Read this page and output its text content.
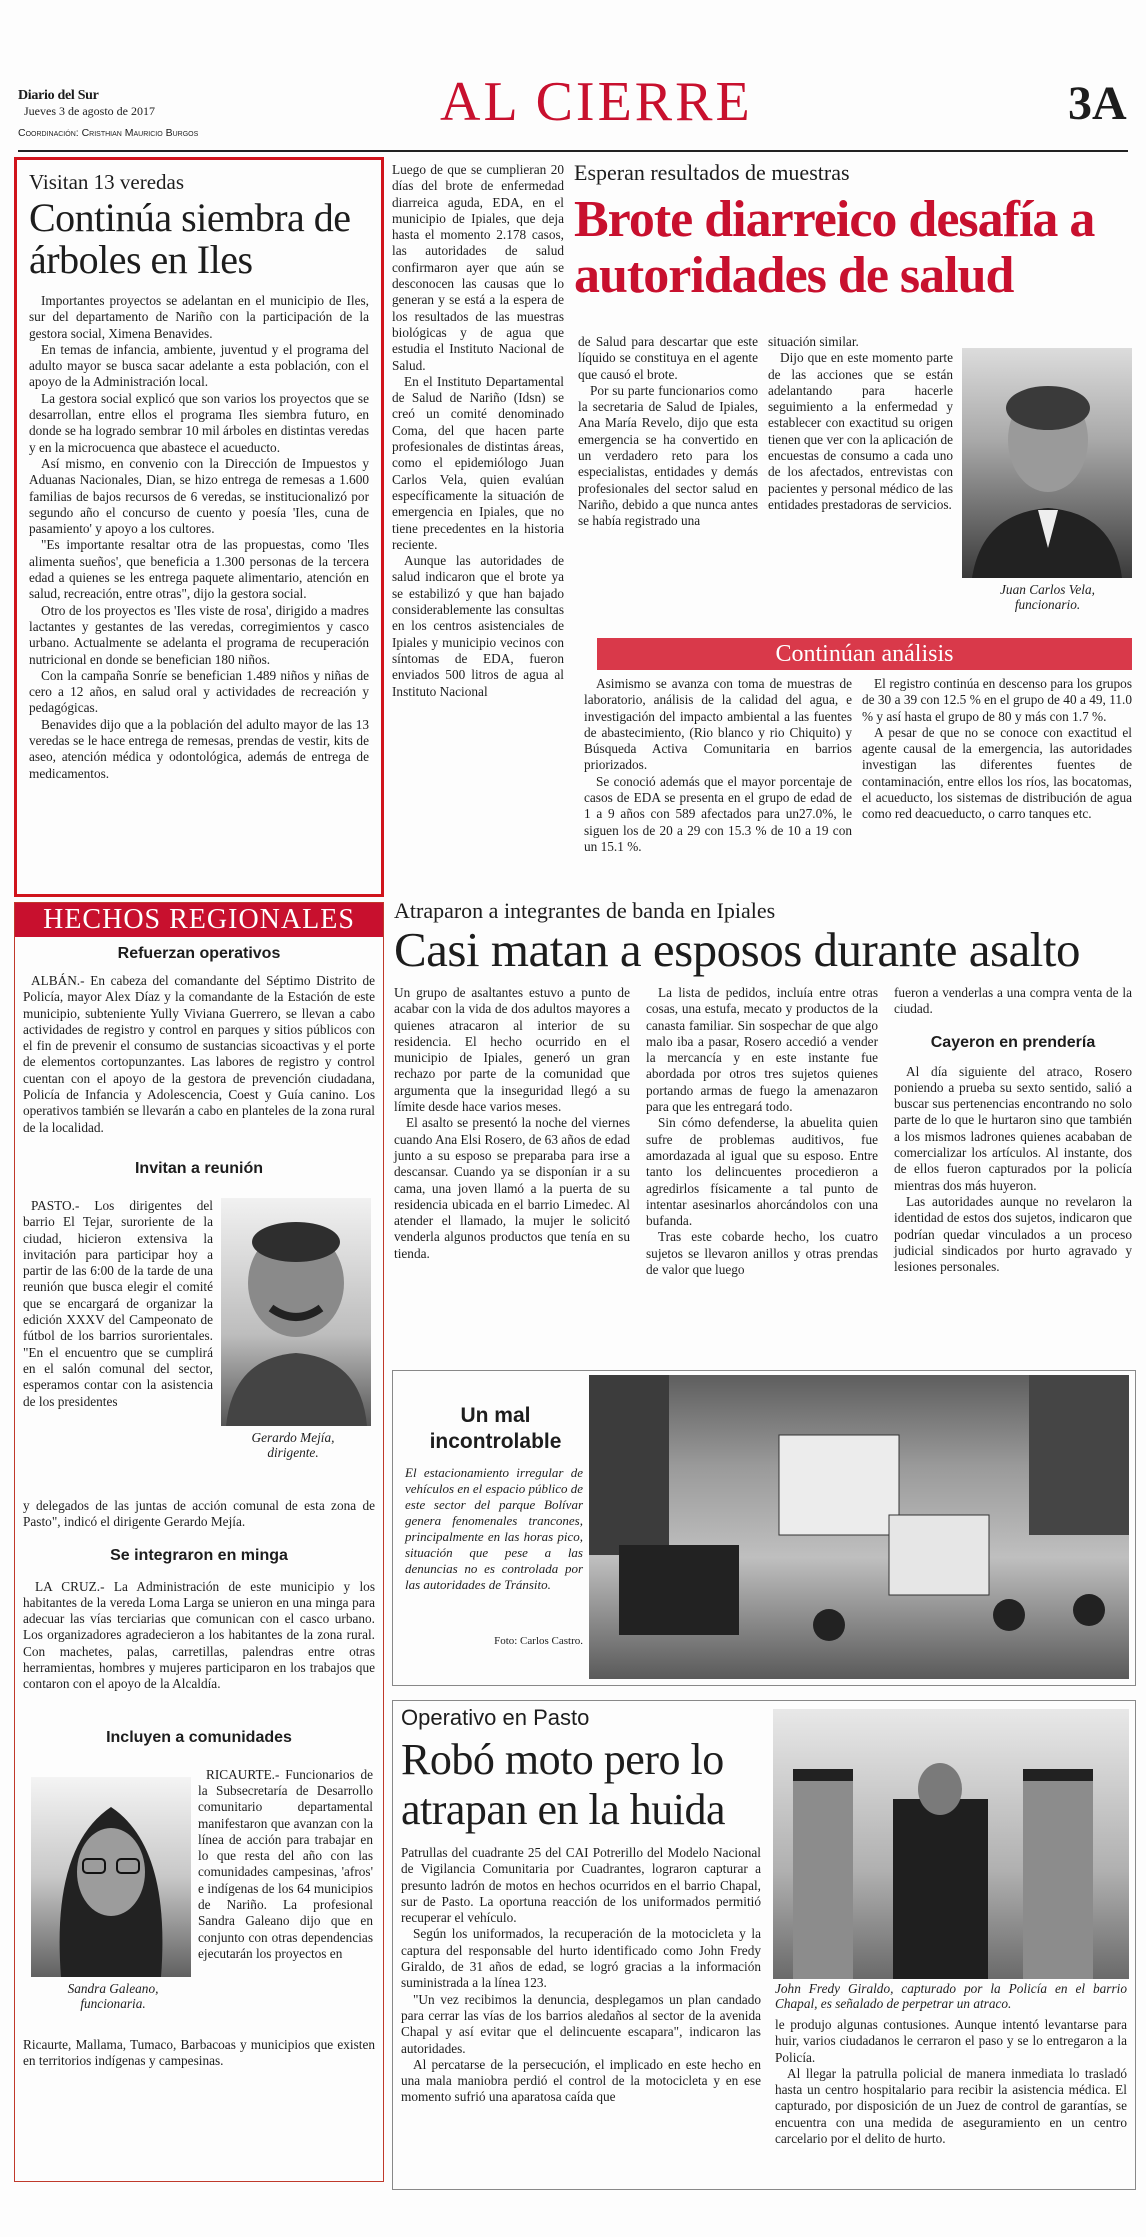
Diario del Sur
Jueves 3 de agosto de 2017
Coordinación: Cristhian Mauricio Burgos	AL CIERRE	3A
Visitan 13 veredas
Continúa siembra de árboles en Iles

Importantes proyectos se adelantan en el municipio de Iles, sur del departamento de Nariño con la participación de la gestora social, Ximena Benavides.

En temas de infancia, ambiente, juventud y el programa del adulto mayor se busca sacar adelante a esta población, con el apoyo de la Administración local.

La gestora social explicó que son varios los proyectos que se desarrollan, entre ellos el programa Iles siembra futuro, en donde se ha logrado sembrar 10 mil árboles en distintas veredas y en la microcuenca que abastece el acueducto.

Así mismo, en convenio con la Dirección de Impuestos y Aduanas Nacionales, Dian, se hizo entrega de remesas a 1.600 familias de bajos recursos de 6 veredas, se institucionalizó por segundo año el concurso de cuento y poesía 'Iles, cuna de pasamiento' y apoyo a los cultores.

"Es importante resaltar otra de las propuestas, como 'Iles alimenta sueños', que beneficia a 1.300 personas de la tercera edad a quienes se les entrega paquete alimentario, atención en salud, recreación, entre otras", dijo la gestora social.

Otro de los proyectos es 'Iles viste de rosa', dirigido a madres lactantes y gestantes de las veredas, corregimientos y casco urbano. Actualmente se adelanta el programa de recuperación nutricional en donde se benefician 180 niños.

Con la campaña Sonríe se benefician 1.489 niños y niñas de cero a 12 años, en salud oral y actividades de recreación y pedagógicas.

Benavides dijo que a la población del adulto mayor de las 13 veredas se le hace entrega de remesas, prendas de vestir, kits de aseo, atención médica y odontológica, además de entrega de medicamentos.

Luego de que se cumplieran 20 días del brote de enfermedad diarreica aguda, EDA, en el municipio de Ipiales, que deja hasta el momento 2.178 casos, las autoridades de salud confirmaron ayer que aún se desconocen las causas que lo generan y se está a la espera de los resultados de las muestras biológicas y de agua que estudia el Instituto Nacional de Salud.

En el Instituto Departamental de Salud de Nariño (Idsn) se creó un comité denominado Coma, del que hacen parte profesionales de distintas áreas, como el epidemiólogo Juan Carlos Vela, quien evalúan específicamente la situación de emergencia en Ipiales, que no tiene precedentes en la historia reciente.

Aunque las autoridades de salud indicaron que el brote ya se estabilizó y que han bajado considerablemente las consultas en los centros asistenciales de Ipiales y municipio vecinos con síntomas de EDA, fueron enviados 500 litros de agua al Instituto Nacional

Esperan resultados de muestras
Brote diarreico desafía a autoridades de salud

de Salud para descartar que este líquido se constituya en el agente que causó el brote.

Por su parte funcionarios como la secretaria de Salud de Ipiales, Ana María Revelo, dijo que esta emergencia se ha convertido en un verdadero reto para los especialistas, entidades y demás profesionales del sector salud en Nariño, debido a que nunca antes se había registrado una

situación similar.

Dijo que en este momento parte de las acciones que se están adelantando para hacerle seguimiento a la enfermedad y establecer con exactitud su origen tienen que ver con la aplicación de encuestas de consumo a cada uno de los afectados, entrevistas con pacientes y personal médico de las entidades prestadoras de servicios.

Juan Carlos Vela, funcionario.
Continúan análisis

Asimismo se avanza con toma de muestras de laboratorio, análisis de la calidad del agua, e investigación del impacto ambiental a las fuentes de abastecimiento, (Rio blanco y rio Chiquito) y Búsqueda Activa Comunitaria en barrios priorizados.

Se conoció además que el mayor porcentaje de casos de EDA se presenta en el grupo de edad de 1 a 9 años con 589 afectados para un27.0%, le siguen los de 20 a 29 con 15.3 % de 10 a 19 con un 15.1 %.

El registro continúa en descenso para los grupos de 30 a 39 con 12.5 % en el grupo de 40 a 49, 11.0 % y así hasta el grupo de 80 y más con 1.7 %.

A pesar de que no se conoce con exactitud el agente causal de la emergencia, las autoridades investigan las diferentes fuentes de contaminación, entre ellos los ríos, las bocatomas, el acueducto, los sistemas de distribución de agua como red deacueducto, o carro tanques etc.

HECHOS REGIONALES
Refuerzan operativos

ALBÁN.- En cabeza del comandante del Séptimo Distrito de Policía, mayor Alex Díaz y la comandante de la Estación de este municipio, subteniente Yully Viviana Guerrero, se llevan a cabo actividades de registro y control en parques y sitios públicos con el fin de prevenir el consumo de sustancias sicoactivas y el porte de elementos cortopunzantes. Las labores de registro y control cuentan con el apoyo de la gestora de prevención ciudadana, Policía de Infancia y Adolescencia, Coest y Guía canino. Los operativos también se llevarán a cabo en planteles de la zona rural de la localidad.

Invitan a reunión

PASTO.- Los dirigentes del barrio El Tejar, suroriente de la ciudad, hicieron extensiva la invitación para participar hoy a partir de las 6:00 de la tarde de una reunión que busca elegir el comité que se encargará de organizar la edición XXXV del Campeonato de fútbol de los barrios surorientales. "En el encuentro que se cumplirá en el salón comunal del sector, esperamos contar con la asistencia de los presidentes

Gerardo Mejía, dirigente.

y delegados de las juntas de acción comunal de esta zona de Pasto", indicó el dirigente Gerardo Mejía.

Se integraron en minga

LA CRUZ.- La Administración de este municipio y los habitantes de la vereda Loma Larga se unieron en una minga para adecuar las vías terciarias que comunican con el casco urbano. Los organizadores agradecieron a los habitantes de la zona rural. Con machetes, palas, carretillas, palendras entre otras herramientas, hombres y mujeres participaron en los trabajos que contaron con el apoyo de la Alcaldía.

Incluyen a comunidades
Sandra Galeano, funcionaria.

RICAURTE.- Funcionarios de la Subsecretaría de Desarrollo comunitario departamental manifestaron que avanzan con la línea de acción para trabajar en lo que resta del año con las comunidades campesinas, 'afros' e indígenas de los 64 municipios de Nariño. La profesional Sandra Galeano dijo que en conjunto con otras dependencias ejecutarán los proyectos en

Ricaurte, Mallama, Tumaco, Barbacoas y municipios que existen en territorios indígenas y campesinas.

Atraparon a integrantes de banda en Ipiales
Casi matan a esposos durante asalto

Un grupo de asaltantes estuvo a punto de acabar con la vida de dos adultos mayores a quienes atracaron al interior de su residencia. El hecho ocurrido en el municipio de Ipiales, generó un gran rechazo por parte de la comunidad que argumenta que la inseguridad llegó a su límite desde hace varios meses.

El asalto se presentó la noche del viernes cuando Ana Elsi Rosero, de 63 años de edad junto a su esposo se preparaba para irse a descansar. Cuando ya se disponían ir a su cama, una joven llamó a la puerta de su residencia ubicada en el barrio Limedec. Al atender el llamado, la mujer le solicitó venderla algunos productos que tenía en su tienda.

La lista de pedidos, incluía entre otras cosas, una estufa, mecato y productos de la canasta familiar. Sin sospechar de que algo malo iba a pasar, Rosero accedió a vender la mercancía y en este instante fue abordada por otros tres sujetos quienes portando armas de fuego la amenazaron para que les entregará todo.

Sin cómo defenderse, la abuelita quien sufre de problemas auditivos, fue amordazada al igual que su esposo. Entre tanto los delincuentes procedieron a agredirlos físicamente a tal punto de intentar asesinarlos ahorcándolos con una bufanda.

Tras este cobarde hecho, los cuatro sujetos se llevaron anillos y otras prendas de valor que luego

fueron a venderlas a una compra venta de la ciudad.

Cayeron en prendería

Al día siguiente del atraco, Rosero poniendo a prueba su sexto sentido, salió a buscar sus pertenencias encontrando no solo parte de lo que le hurtaron sino que también a los mismos ladrones quienes acababan de comercializar los artículos. Al instante, dos de ellos fueron capturados por la policía mientras dos más huyeron.

Las autoridades aunque no revelaron la identidad de estos dos sujetos, indicaron que podrían quedar vinculados a un proceso judicial sindicados por hurto agravado y lesiones personales.

Un mal incontrolable
El estacionamiento irregular de vehículos en el espacio público de este sector del parque Bolívar genera fenomenales trancones, principalmente en las horas pico, situación que pese a las denuncias no es controlada por las autoridades de Tránsito.
Foto: Carlos Castro.
Operativo en Pasto
Robó moto pero lo atrapan en la huida

Patrullas del cuadrante 25 del CAI Potrerillo del Modelo Nacional de Vigilancia Comunitaria por Cuadrantes, lograron capturar a presunto ladrón de motos en hechos ocurridos en el barrio Chapal, sur de Pasto. La oportuna reacción de los uniformados permitió recuperar el vehículo.

Según los uniformados, la recuperación de la motocicleta y la captura del responsable del hurto identificado como John Fredy Giraldo, de 31 años de edad, se logró gracias a la información suministrada a la línea 123.

"Un vez recibimos la denuncia, desplegamos un plan candado para cerrar las vías de los barrios aledaños al sector de la avenida Chapal y así evitar que el delincuente escapara", indicaron las autoridades.

Al percatarse de la persecución, el implicado en este hecho en una mala maniobra perdió el control de la motocicleta y en ese momento sufrió una aparatosa caída que

John Fredy Giraldo, capturado por la Policía en el barrio Chapal, es señalado de perpetrar un atraco.

le produjo algunas contusiones. Aunque intentó levantarse para huir, varios ciudadanos le cerraron el paso y se lo entregaron a la Policía.

Al llegar la patrulla policial de manera inmediata lo trasladó hasta un centro hospitalario para recibir la asistencia médica. El capturado, por disposición de un Juez de control de garantías, se encuentra con una medida de aseguramiento en un centro carcelario por el delito de hurto.
